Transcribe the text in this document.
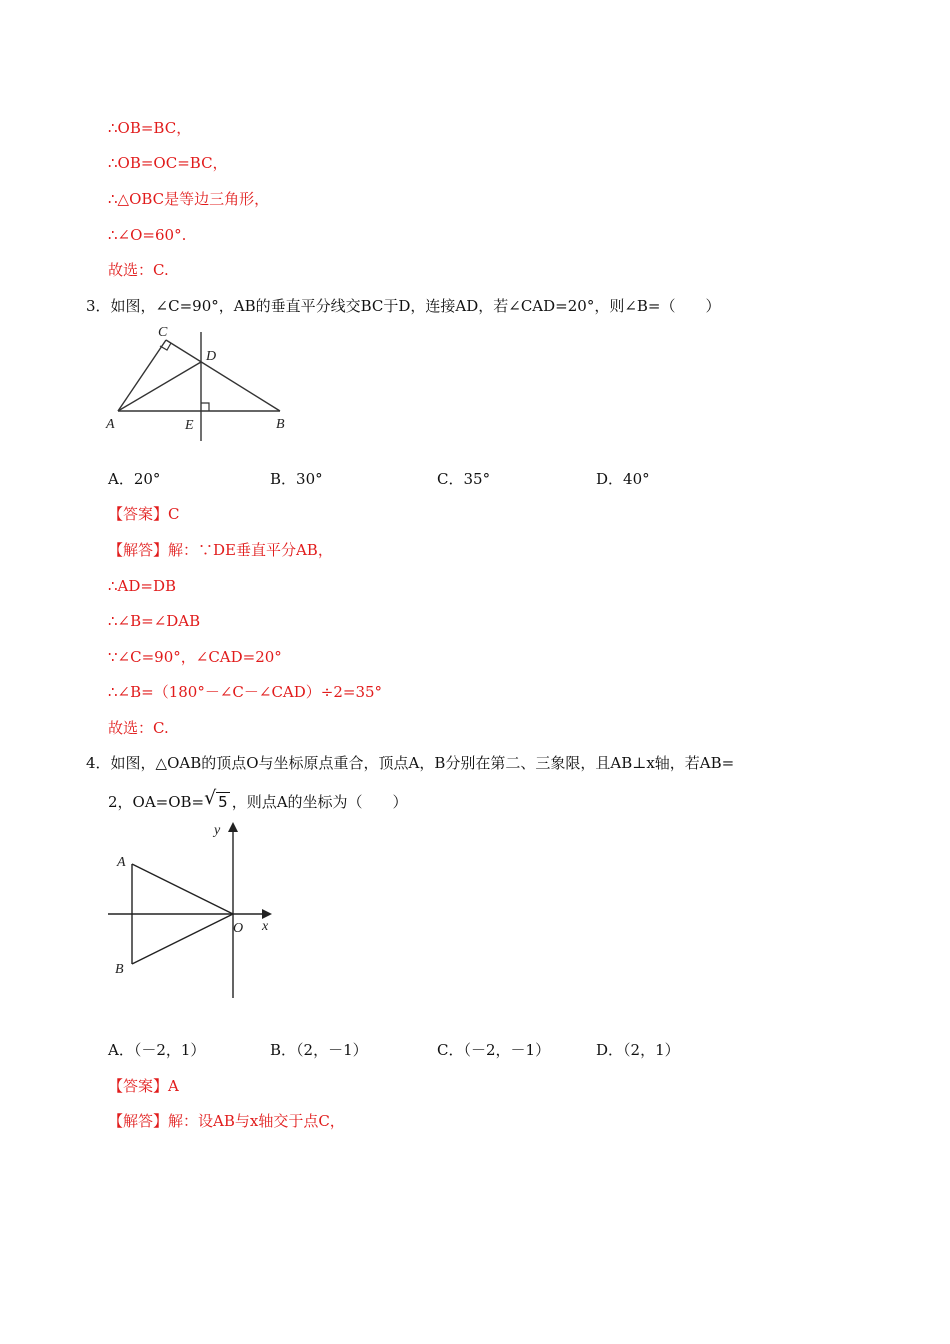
∴OB=BC，
∴OB=OC=BC，
∴△OBC是等边三角形，
∴∠O=60°.
故选：C.
3．如图，∠C=90°，AB的垂直平分线交BC于D，连接AD，若∠CAD=20°，则∠B=（　　）
C
D
A	E	B
A．20°	B．30°	C．35°	D．40°
【答案】C
【解答】解：∵DE垂直平分AB，
∴AD=DB
∴∠B=∠DAB
∵∠C=90°，∠CAD=20°
∴∠B=（180°－∠C－∠CAD）÷2=35°
故选：C.
4．如图，△OAB的顶点O与坐标原点重合，顶点A，B分别在第二、三象限，且AB⊥x轴，若AB=
2，OA=OB= √ 5 ，则点A的坐标为（　　）
y
A
O x
B
A．（－2，1）	B．（2，－1）	C．（－2，－1）	D．（2，1）
【答案】A
【解答】解：设AB与x轴交于点C，
